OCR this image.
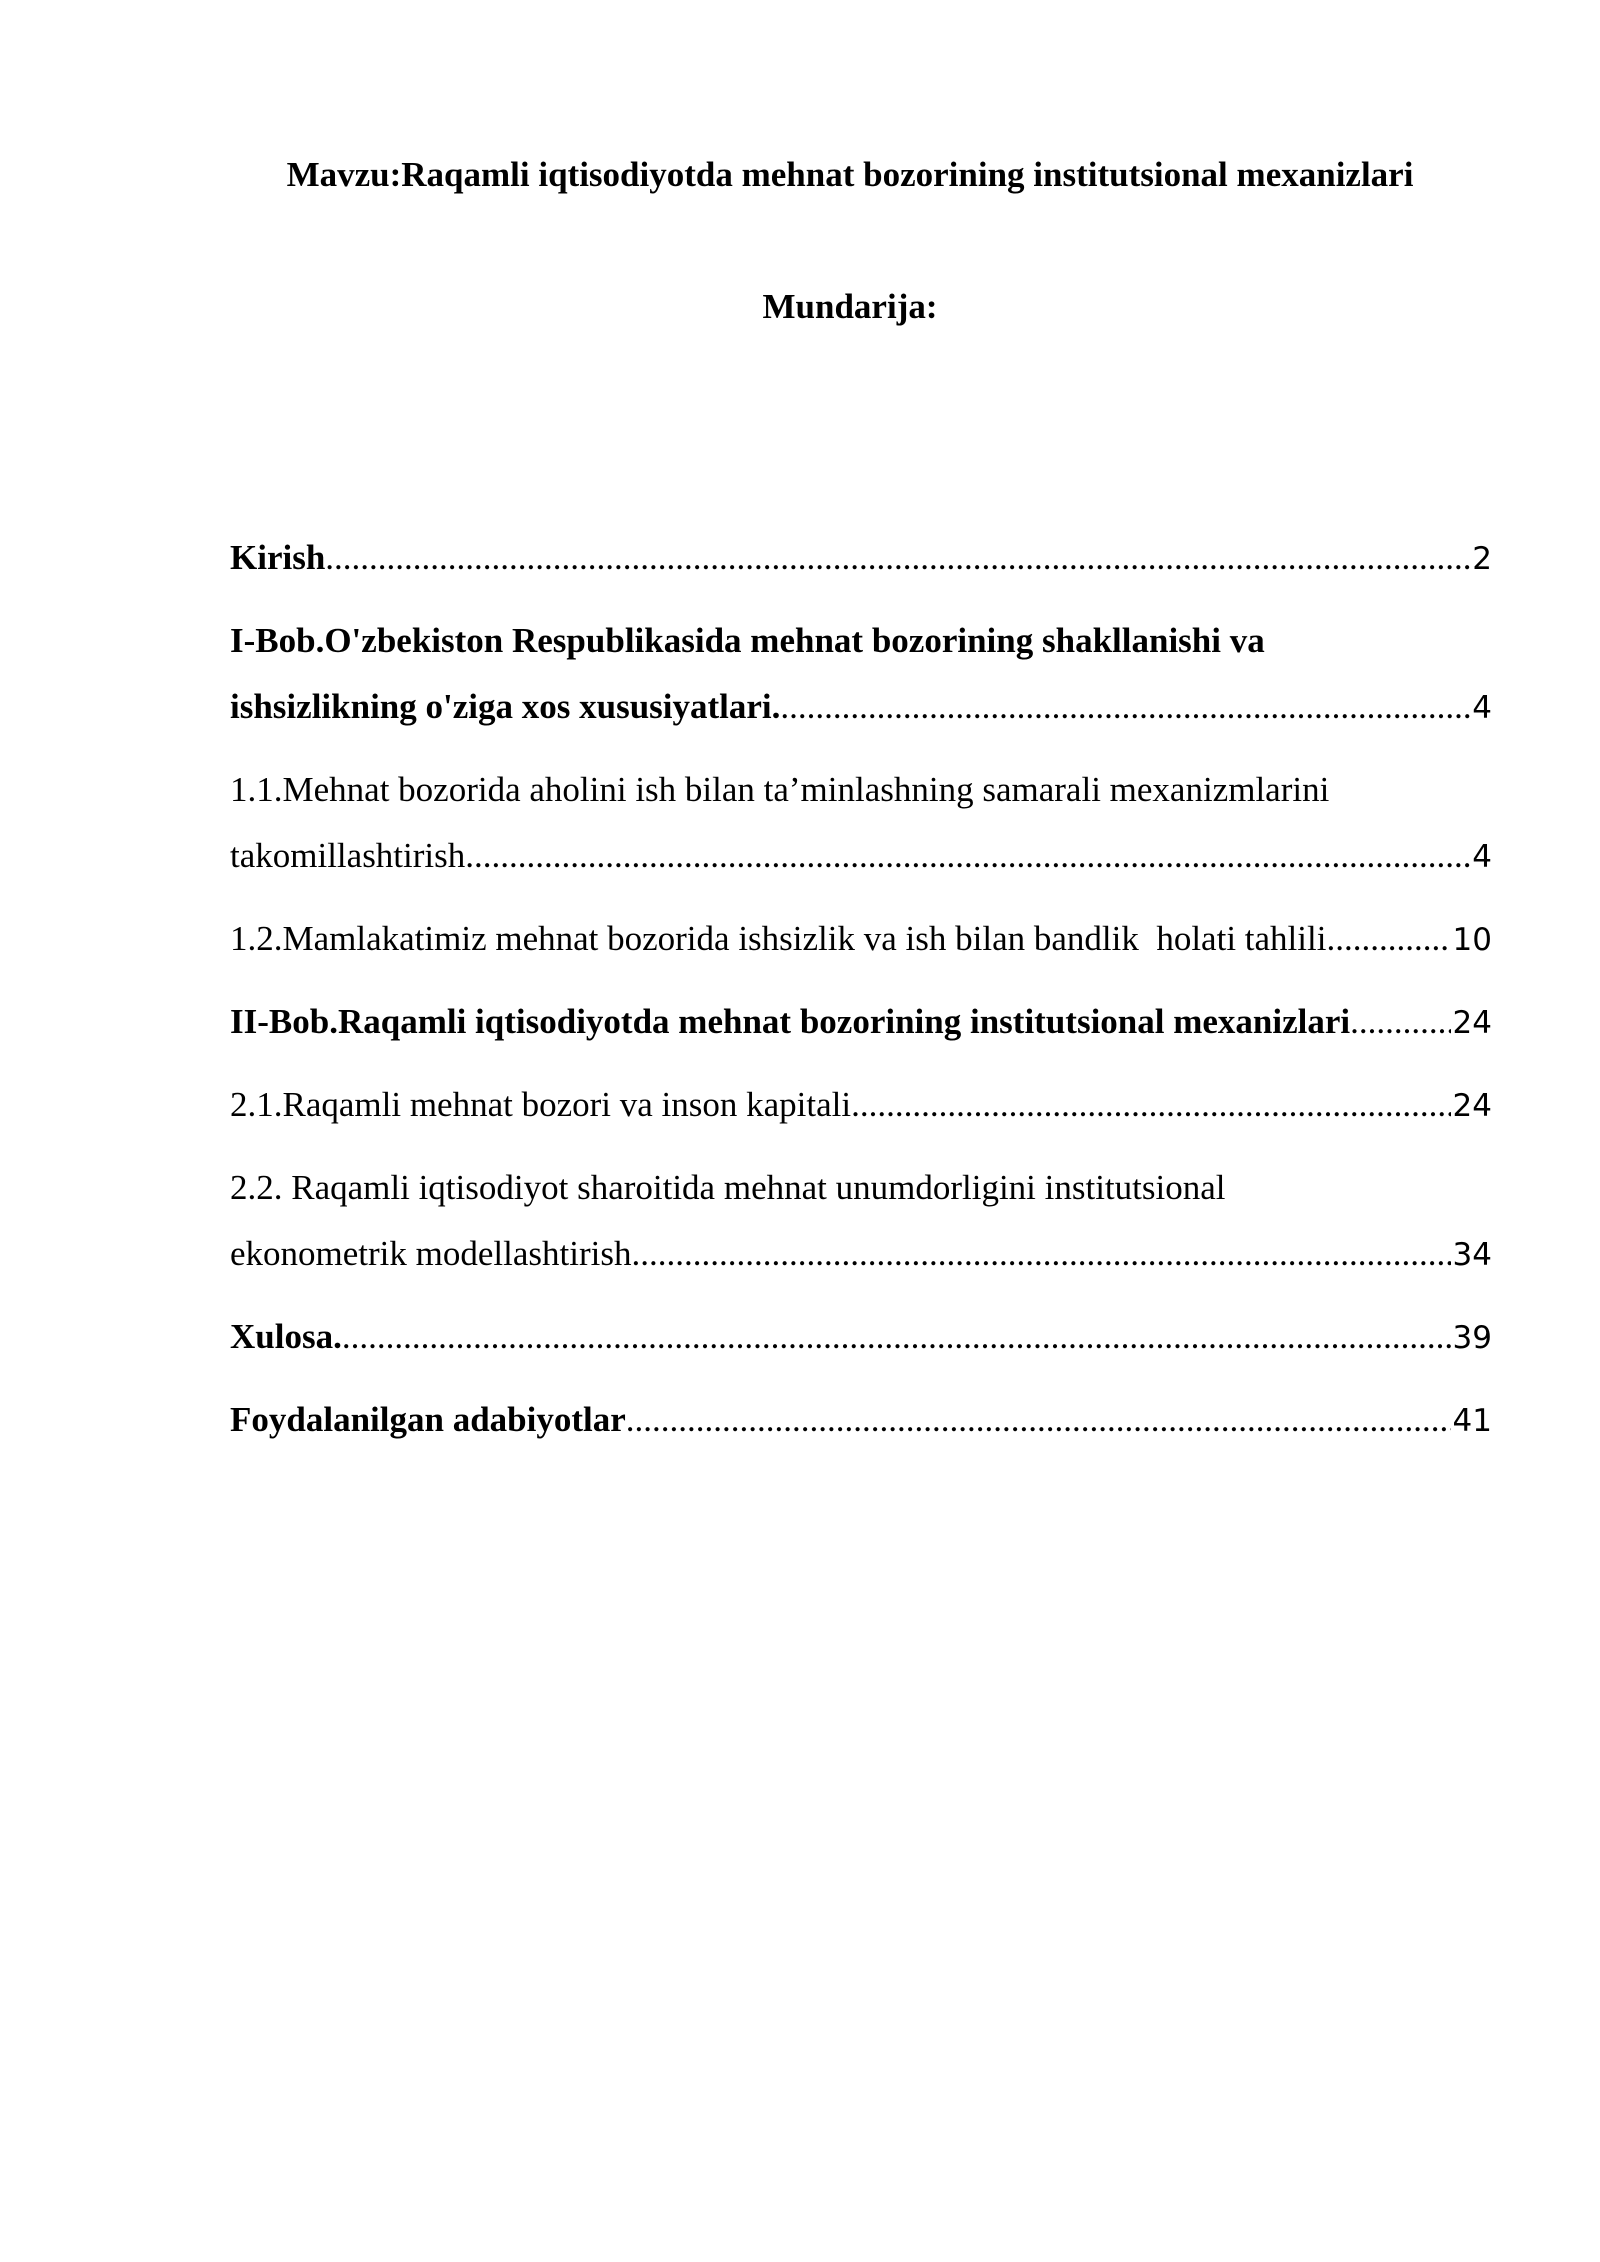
Mavzu:Raqamli iqtisodiyotda mehnat bozorining institutsional mexanizlari
Mundarija:
Kirish .....	2
I-Bob.O'zbekiston Respublikasida mehnat bozorining shakllanishi va
ishsizlikning o'ziga xos xususiyatlari. .....	4
1.1.Mehnat bozorida aholini ish bilan ta’minlashning samarali mexanizmlarini
takomillashtirish .....	4
1.2.Mamlakatimiz mehnat bozorida ishsizlik va ish bilan bandlik  holati tahlili .....	10
II-Bob.Raqamli iqtisodiyotda mehnat bozorining institutsional mexanizlari .....	24
2.1.Raqamli mehnat bozori va inson kapitali .....	24
2.2. Raqamli iqtisodiyot sharoitida mehnat unumdorligini institutsional
ekonometrik modellashtirish .....	34
Xulosa. .....	39
Foydalanilgan adabiyotlar .....	41
